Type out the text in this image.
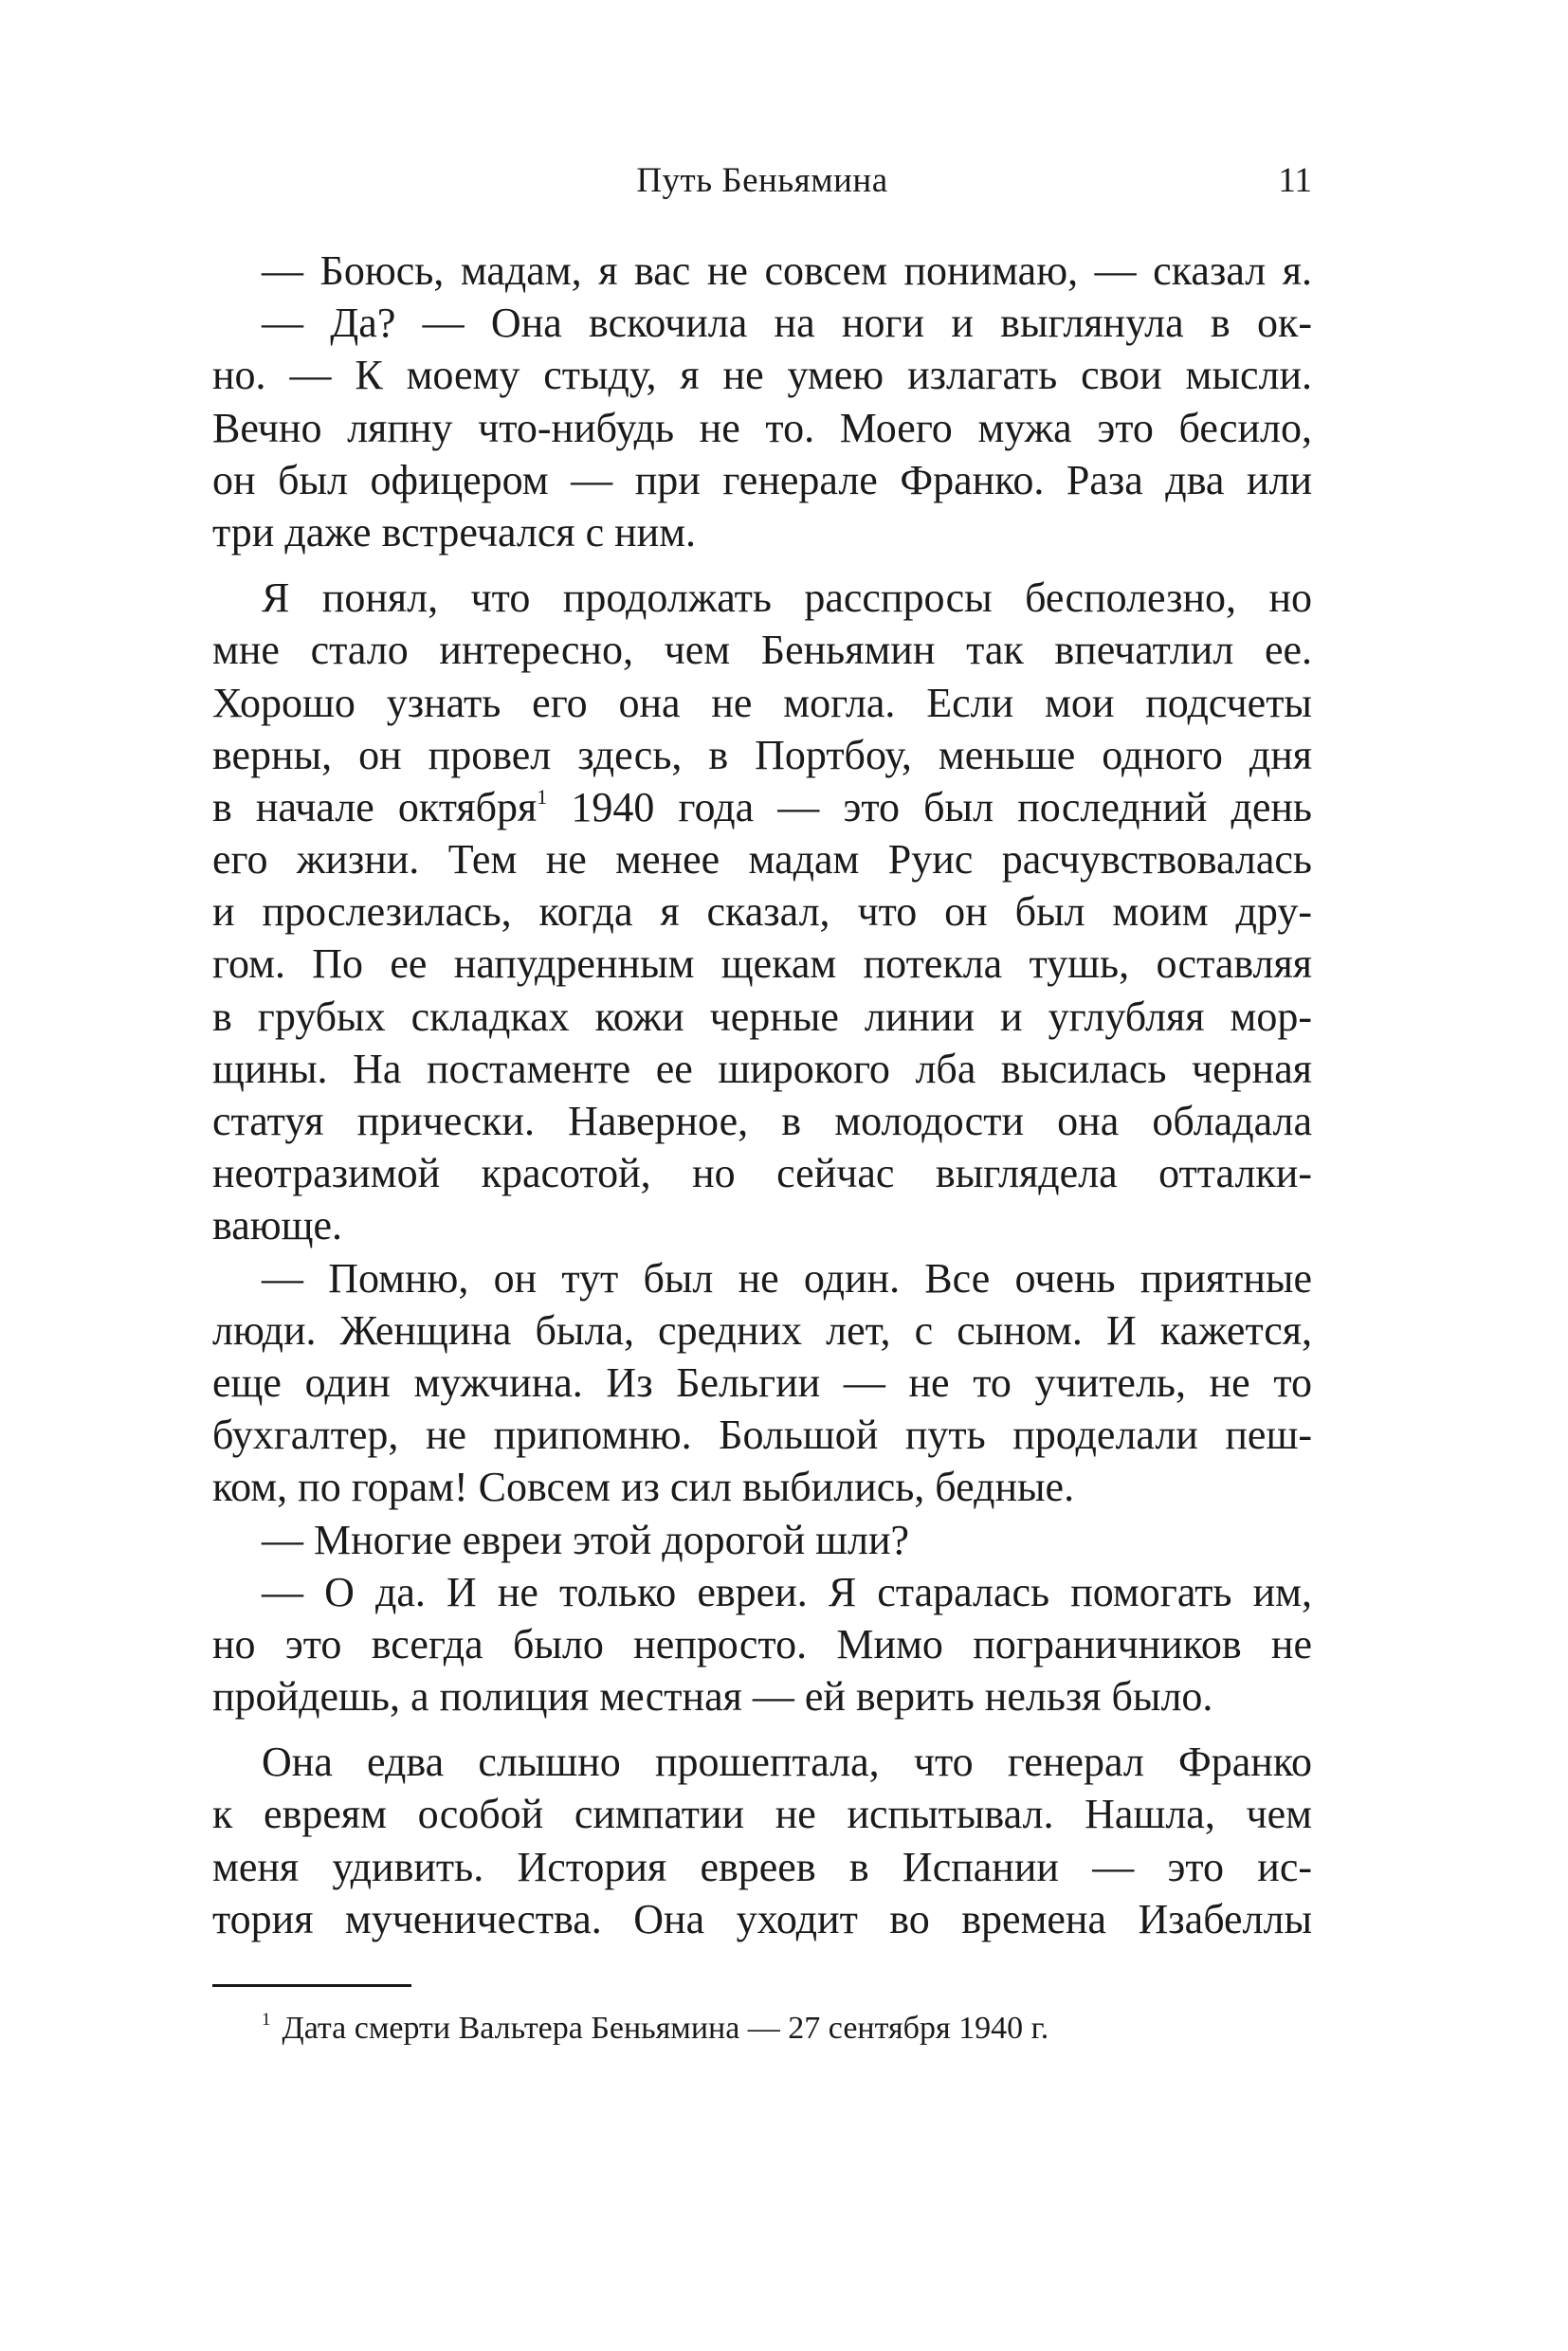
Путь Беньямина	11
— Боюсь, мадам, я вас не совсем понимаю, — сказал я.
— Да? — Она вскочила на ноги и выглянула в ок-
но. — К моему стыду, я не умею излагать свои мысли.
Вечно ляпну что-нибудь не то. Моего мужа это бесило,
он был офицером — при генерале Франко. Раза два или
три даже встречался с ним.
Я понял, что продолжать расспросы бесполезно, но
мне стало интересно, чем Беньямин так впечатлил ее.
Хорошо узнать его она не могла. Если мои подсчеты
верны, он провел здесь, в Портбоу, меньше одного дня
в начале октября$^1$ 1940 года — это был последний день
его жизни. Тем не менее мадам Руис расчувствовалась
и прослезилась, когда я сказал, что он был моим дру-
гом. По ее напудренным щекам потекла тушь, оставляя
в грубых складках кожи черные линии и углубляя мор-
щины. На постаменте ее широкого лба высилась черная
статуя прически. Наверное, в молодости она обладала
неотразимой красотой, но сейчас выглядела отталки-
вающе.
— Помню, он тут был не один. Все очень приятные
люди. Женщина была, средних лет, с сыном. И кажется,
еще один мужчина. Из Бельгии — не то учитель, не то
бухгалтер, не припомню. Большой путь проделали пеш-
ком, по горам! Совсем из сил выбились, бедные.
— Многие евреи этой дорогой шли?
— О да. И не только евреи. Я старалась помогать им,
но это всегда было непросто. Мимо пограничников не
пройдешь, а полиция местная — ей верить нельзя было.
Она едва слышно прошептала, что генерал Франко
к евреям особой симпатии не испытывал. Нашла, чем
меня удивить. История евреев в Испании — это ис-
тория мученичества. Она уходит во времена Изабеллы
$^1$ Дата смерти Вальтера Беньямина — 27 сентября 1940 г.
